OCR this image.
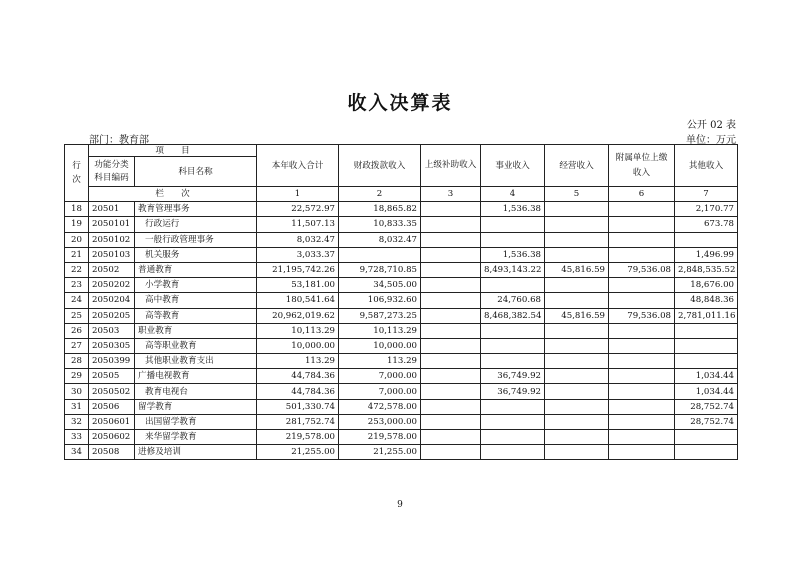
收入决算表
公开 02 表
部门：教育部	单位：万元
行次	项　　目		本年收入合计	财政拨款收入	上级补助收入	事业收入	经营收入	附属单位上缴收入	其他收入
	功能分类科目编码	科目名称							
	栏　　次		1	2	3	4	5	6	7
18	20501	教育管理事务	22,572.97	18,865.82		1,536.38			2,170.77
19	2050101	行政运行	11,507.13	10,833.35					673.78
20	2050102	一般行政管理事务	8,032.47	8,032.47					
21	2050103	机关服务	3,033.37			1,536.38			1,496.99
22	20502	普通教育	21,195,742.26	9,728,710.85		8,493,143.22	45,816.59	79,536.08	2,848,535.52
23	2050202	小学教育	53,181.00	34,505.00					18,676.00
24	2050204	高中教育	180,541.64	106,932.60		24,760.68			48,848.36
25	2050205	高等教育	20,962,019.62	9,587,273.25		8,468,382.54	45,816.59	79,536.08	2,781,011.16
26	20503	职业教育	10,113.29	10,113.29					
27	2050305	高等职业教育	10,000.00	10,000.00					
28	2050399	其他职业教育支出	113.29	113.29					
29	20505	广播电视教育	44,784.36	7,000.00		36,749.92			1,034.44
30	2050502	教育电视台	44,784.36	7,000.00		36,749.92			1,034.44
31	20506	留学教育	501,330.74	472,578.00					28,752.74
32	2050601	出国留学教育	281,752.74	253,000.00					28,752.74
33	2050602	来华留学教育	219,578.00	219,578.00					
34	20508	进修及培训	21,255.00	21,255.00					
9
